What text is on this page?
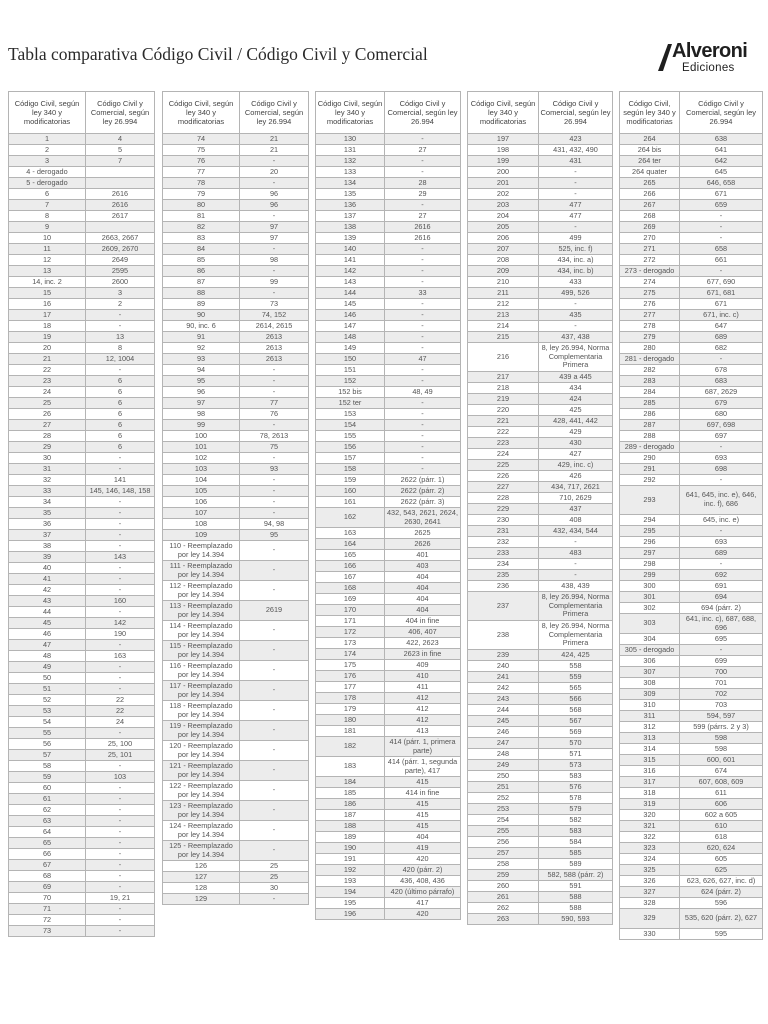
Tabla comparativa Código Civil / Código Civil y Comercial	Alveroni
Ediciones
Código Civil, según ley 340 y modificatorias	Código Civil y Comercial, según ley 26.994
1	4
2	5
3	7
4 - derogado	
5 - derogado	
6	2616
7	2616
8	2617
9	
10	2663, 2667
11	2609, 2670
12	2649
13	2595
14, inc. 2	2600
15	3
16	2
17	-
18	-
19	13
20	8
21	12, 1004
22	-
23	6
24	6
25	6
26	6
27	6
28	6
29	6
30	-
31	-
32	141
33	145, 146, 148, 158
34	-
35	-
36	-
37	-
38	-
39	143
40	-
41	-
42	-
43	160
44	-
45	142
46	190
47	-
48	163
49	-
50	-
51	-
52	22
53	22
54	24
55	-
56	25, 100
57	25, 101
58	-
59	103
60	-
61	-
62	-
63	-
64	-
65	-
66	-
67	-
68	-
69	-
70	19, 21
71	-
72	-
73	-
Código Civil, según ley 340 y modificatorias	Código Civil y Comercial, según ley 26.994
74	21
75	21
76	-
77	20
78	-
79	96
80	96
81	-
82	97
83	97
84	-
85	98
86	-
87	99
88	-
89	73
90	74, 152
90, inc. 6	2614, 2615
91	2613
92	2613
93	2613
94	-
95	-
96	-
97	77
98	76
99	-
100	78, 2613
101	75
102	-
103	93
104	-
105	-
106	-
107	-
108	94, 98
109	95
110 - Reemplazado por ley 14.394	-
111 - Reemplazado por ley 14.394	-
112 - Reemplazado por ley 14.394	-
113 - Reemplazado por ley 14.394	2619
114 - Reemplazado por ley 14.394	-
115 - Reemplazado por ley 14.394	-
116 - Reemplazado por ley 14.394	-
117 - Reemplazado por ley 14.394	-
118 - Reemplazado por ley 14.394	-
119 - Reemplazado por ley 14.394	-
120 - Reemplazado por ley 14.394	-
121 - Reemplazado por ley 14.394	-
122 - Reemplazado por ley 14.394	-
123 - Reemplazado por ley 14.394	-
124 - Reemplazado por ley 14.394	-
125 - Reemplazado por ley 14.394	-
126	25
127	25
128	30
129	-
Código Civil, según ley 340 y modificatorias	Código Civil y Comercial, según ley 26.994
130	-
131	27
132	-
133	-
134	28
135	29
136	-
137	27
138	2616
139	2616
140	-
141	-
142	-
143	-
144	33
145	-
146	-
147	-
148	-
149	-
150	47
151	-
152	-
152 bis	48, 49
152 ter	-
153	-
154	-
155	-
156	-
157	-
158	-
159	2622 (párr. 1)
160	2622 (párr. 2)
161	2622 (párr. 3)
162	432, 543, 2621, 2624, 2630, 2641
163	2625
164	2626
165	401
166	403
167	404
168	404
169	404
170	404
171	404 in fine
172	406, 407
173	422, 2623
174	2623 in fine
175	409
176	410
177	411
178	412
179	412
180	412
181	413
182	414 (párr. 1, primera parte)
183	414 (párr. 1, segunda parte), 417
184	415
185	414 in fine
186	415
187	415
188	415
189	404
190	419
191	420
192	420 (párr. 2)
193	436, 408, 436
194	420 (último párrafo)
195	417
196	420
Código Civil, según ley 340 y modificatorias	Código Civil y Comercial, según ley 26.994
197	423
198	431, 432, 490
199	431
200	-
201	-
202	-
203	477
204	477
205	-
206	499
207	525, inc. f)
208	434, inc. a)
209	434, inc. b)
210	433
211	499, 526
212	-
213	435
214	-
215	437, 438
216	8, ley 26.994, Norma Complementaria Primera
217	439 a 445
218	434
219	424
220	425
221	428, 441, 442
222	429
223	430
224	427
225	429, inc. c)
226	426
227	434, 717, 2621
228	710, 2629
229	437
230	408
231	432, 434, 544
232	-
233	483
234	-
235	-
236	438, 439
237	8, ley 26.994, Norma Complementaria Primera
238	8, ley 26.994, Norma Complementaria Primera
239	424, 425
240	558
241	559
242	565
243	566
244	568
245	567
246	569
247	570
248	571
249	573
250	583
251	576
252	578
253	579
254	582
255	583
256	584
257	585
258	589
259	582, 588 (párr. 2)
260	591
261	588
262	588
263	590, 593
Código Civil, según ley 340 y modificatorias	Código Civil y Comercial, según ley 26.994
264	638
264 bis	641
264 ter	642
264 quater	645
265	646, 658
266	671
267	659
268	-
269	-
270	-
271	658
272	661
273 - derogado	-
274	677, 690
275	671, 681
276	671
277	671, inc. c)
278	647
279	689
280	682
281 - derogado	-
282	678
283	683
284	687, 2629
285	679
286	680
287	697, 698
288	697
289 - derogado	-
290	693
291	698
292	-
293	641, 645, inc. e), 646, inc. f), 686
294	645, inc. e)
295	-
296	693
297	689
298	-
299	692
300	691
301	694
302	694 (párr. 2)
303	641, inc. c), 687, 688, 696
304	695
305 - derogado	-
306	699
307	700
308	701
309	702
310	703
311	594, 597
312	599 (párrs. 2 y 3)
313	598
314	598
315	600, 601
316	674
317	607, 608, 609
318	611
319	606
320	602 a 605
321	610
322	618
323	620, 624
324	605
325	625
326	623, 626, 627, inc. d)
327	624 (párr. 2)
328	596
329	535, 620 (párr. 2), 627
330	595
